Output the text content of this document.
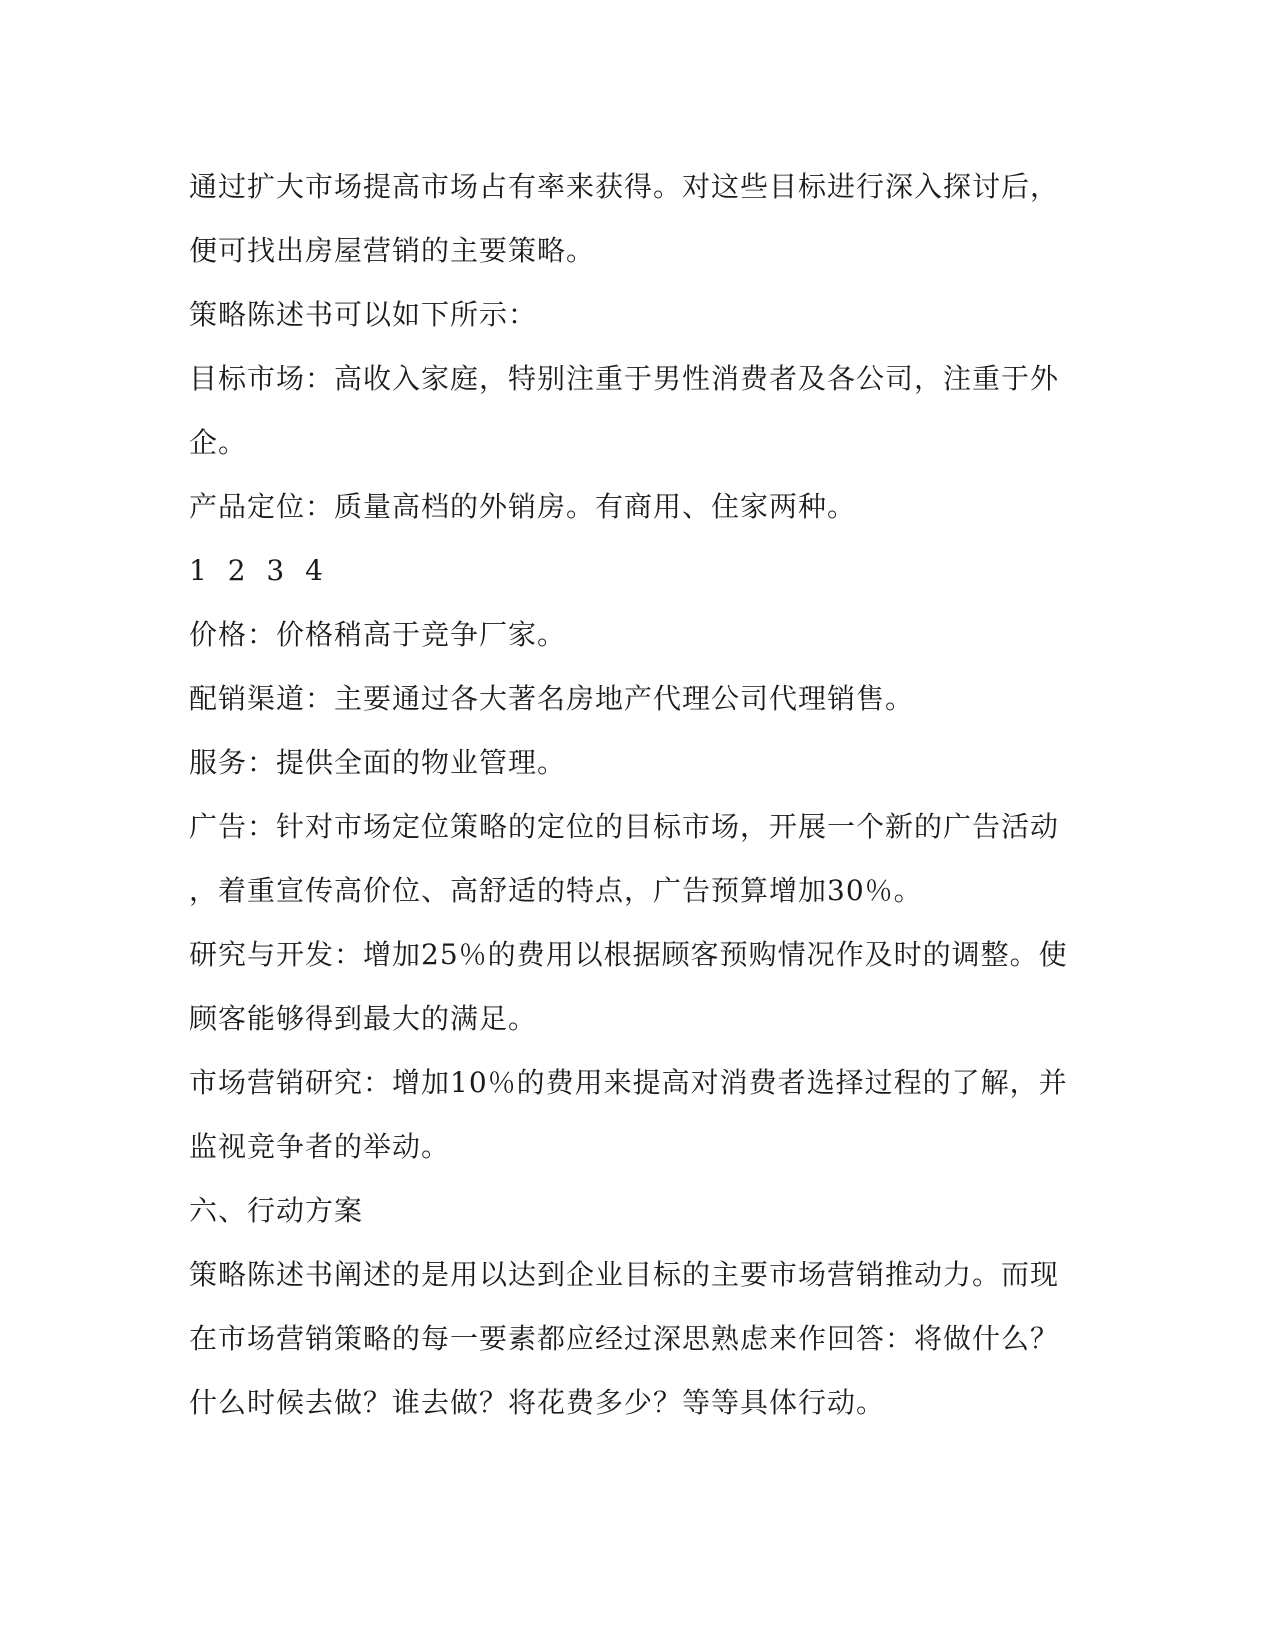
通过扩大市场提高市场占有率来获得。对这些目标进行深入探讨后，
便可找出房屋营销的主要策略。
策略陈述书可以如下所示：
目标市场：高收入家庭，特别注重于男性消费者及各公司，注重于外
企。
产品定位：质量高档的外销房。有商用、住家两种。
1 2 3 4
价格：价格稍高于竞争厂家。
配销渠道：主要通过各大著名房地产代理公司代理销售。
服务：提供全面的物业管理。
广告：针对市场定位策略的定位的目标市场，开展一个新的广告活动
，着重宣传高价位、高舒适的特点，广告预算增加30％。
研究与开发：增加25％的费用以根据顾客预购情况作及时的调整。使
顾客能够得到最大的满足。
市场营销研究：增加10％的费用来提高对消费者选择过程的了解，并
监视竞争者的举动。
六、行动方案
策略陈述书阐述的是用以达到企业目标的主要市场营销推动力。而现
在市场营销策略的每一要素都应经过深思熟虑来作回答：将做什么？
什么时候去做？谁去做？将花费多少？等等具体行动。
